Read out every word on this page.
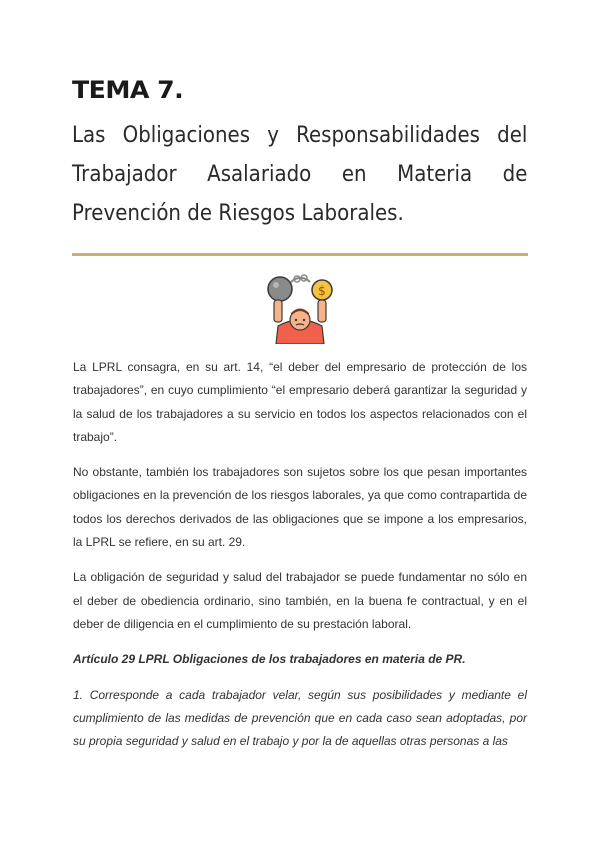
TEMA 7.
Las Obligaciones y Responsabilidades del Trabajador Asalariado en Materia de Prevención de Riesgos Laborales.
$

La LPRL consagra, en su art. 14, “el deber del empresario de protección de los trabajadores”, en cuyo cumplimiento “el empresario deberá garantizar la seguridad y la salud de los trabajadores a su servicio en todos los aspectos relacionados con el trabajo”.

No obstante, también los trabajadores son sujetos sobre los que pesan importantes obligaciones en la prevención de los riesgos laborales, ya que como contrapartida de todos los derechos derivados de las obligaciones que se impone a los empresarios, la LPRL se refiere, en su art. 29.

La obligación de seguridad y salud del trabajador se puede fundamentar no sólo en el deber de obediencia ordinario, sino también, en la buena fe contractual, y en el deber de diligencia en el cumplimiento de su prestación laboral.

Artículo 29 LPRL Obligaciones de los trabajadores en materia de PR.

1. Corresponde a cada trabajador velar, según sus posibilidades y mediante el cumplimiento de las medidas de prevención que en cada caso sean adoptadas, por su propia seguridad y salud en el trabajo y por la de aquellas otras personas a las
